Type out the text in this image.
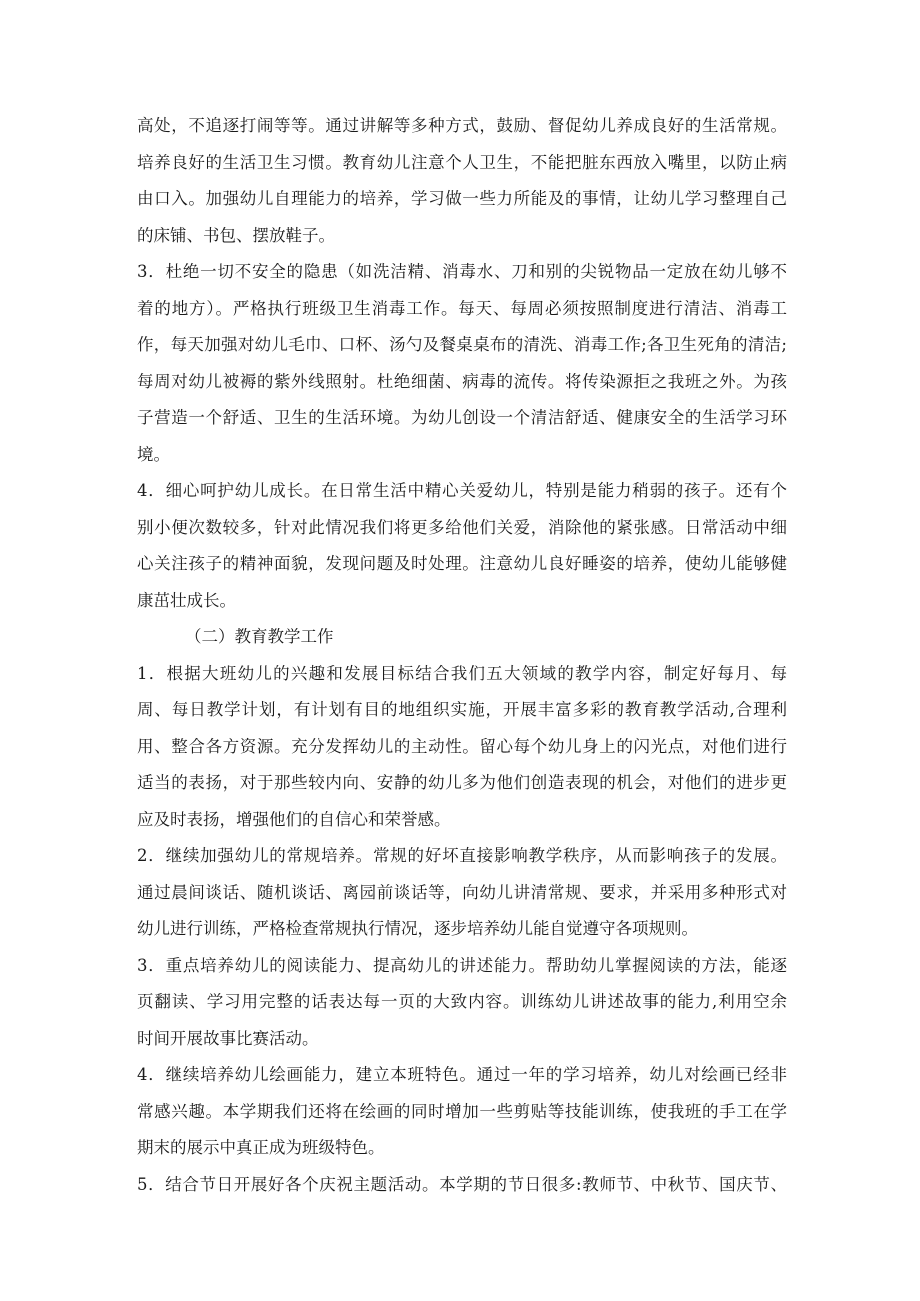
高处，不追逐打闹等等。通过讲解等多种方式，鼓励、督促幼儿养成良好的生活常规。
培养良好的生活卫生习惯。教育幼儿注意个人卫生，不能把脏东西放入嘴里，以防止病
由口入。加强幼儿自理能力的培养，学习做一些力所能及的事情，让幼儿学习整理自己
的床铺、书包、摆放鞋子。
3．杜绝一切不安全的隐患（如洗洁精、消毒水、刀和别的尖锐物品一定放在幼儿够不
着的地方）。严格执行班级卫生消毒工作。每天、每周必须按照制度进行清洁、消毒工
作，每天加强对幼儿毛巾、口杯、汤勺及餐桌桌布的清洗、消毒工作;各卫生死角的清洁;
每周对幼儿被褥的紫外线照射。杜绝细菌、病毒的流传。将传染源拒之我班之外。为孩
子营造一个舒适、卫生的生活环境。为幼儿创设一个清洁舒适、健康安全的生活学习环
境。
4．细心呵护幼儿成长。在日常生活中精心关爱幼儿，特别是能力稍弱的孩子。还有个
别小便次数较多，针对此情况我们将更多给他们关爱，消除他的紧张感。日常活动中细
心关注孩子的精神面貌，发现问题及时处理。注意幼儿良好睡姿的培养，使幼儿能够健
康茁壮成长。
（二）教育教学工作
1．根据大班幼儿的兴趣和发展目标结合我们五大领域的教学内容，制定好每月、每
周、每日教学计划，有计划有目的地组织实施，开展丰富多彩的教育教学活动,合理利
用、整合各方资源。充分发挥幼儿的主动性。留心每个幼儿身上的闪光点，对他们进行
适当的表扬，对于那些较内向、安静的幼儿多为他们创造表现的机会，对他们的进步更
应及时表扬，增强他们的自信心和荣誉感。
2．继续加强幼儿的常规培养。常规的好坏直接影响教学秩序，从而影响孩子的发展。
通过晨间谈话、随机谈话、离园前谈话等，向幼儿讲清常规、要求，并采用多种形式对
幼儿进行训练，严格检查常规执行情况，逐步培养幼儿能自觉遵守各项规则。
3．重点培养幼儿的阅读能力、提高幼儿的讲述能力。帮助幼儿掌握阅读的方法，能逐
页翻读、学习用完整的话表达每一页的大致内容。训练幼儿讲述故事的能力,利用空余
时间开展故事比赛活动。
4．继续培养幼儿绘画能力，建立本班特色。通过一年的学习培养，幼儿对绘画已经非
常感兴趣。本学期我们还将在绘画的同时增加一些剪贴等技能训练，使我班的手工在学
期末的展示中真正成为班级特色。
5．结合节日开展好各个庆祝主题活动。本学期的节日很多:教师节、中秋节、国庆节、
